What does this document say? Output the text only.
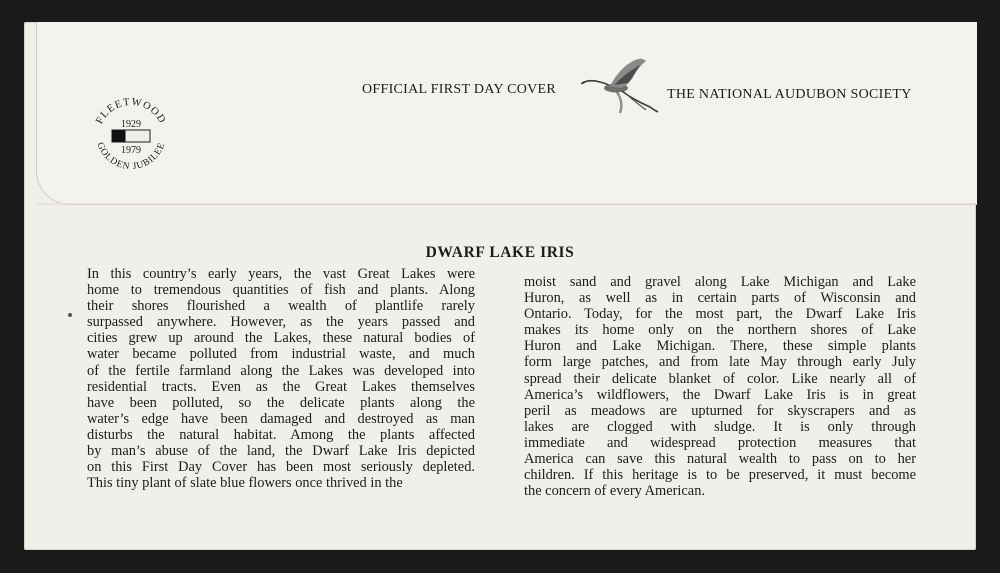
OFFICIAL FIRST DAY COVER	THE NATIONAL AUDUBON SOCIETY
FLEETWOOD
GOLDEN JUBILEE
1929
1979
DWARF LAKE IRIS
In this country’s early years, the vast Great Lakes were
home to tremendous quantities of fish and plants. Along
their shores flourished a wealth of plantlife rarely
surpassed anywhere. However, as the years passed and
cities grew up around the Lakes, these natural bodies of
water became polluted from industrial waste, and much
of the fertile farmland along the Lakes was developed into
residential tracts. Even as the Great Lakes themselves
have been polluted, so the delicate plants along the
water’s edge have been damaged and destroyed as man
disturbs the natural habitat. Among the plants affected
by man’s abuse of the land, the Dwarf Lake Iris depicted
on this First Day Cover has been most seriously depleted.
This tiny plant of slate blue flowers once thrived in the
moist sand and gravel along Lake Michigan and Lake
Huron, as well as in certain parts of Wisconsin and
Ontario. Today, for the most part, the Dwarf Lake Iris
makes its home only on the northern shores of Lake
Huron and Lake Michigan. There, these simple plants
form large patches, and from late May through early July
spread their delicate blanket of color. Like nearly all of
America’s wildflowers, the Dwarf Lake Iris is in great
peril as meadows are upturned for skyscrapers and as
lakes are clogged with sludge. It is only through
immediate and widespread protection measures that
America can save this natural wealth to pass on to her
children. If this heritage is to be preserved, it must become
the concern of every American.
